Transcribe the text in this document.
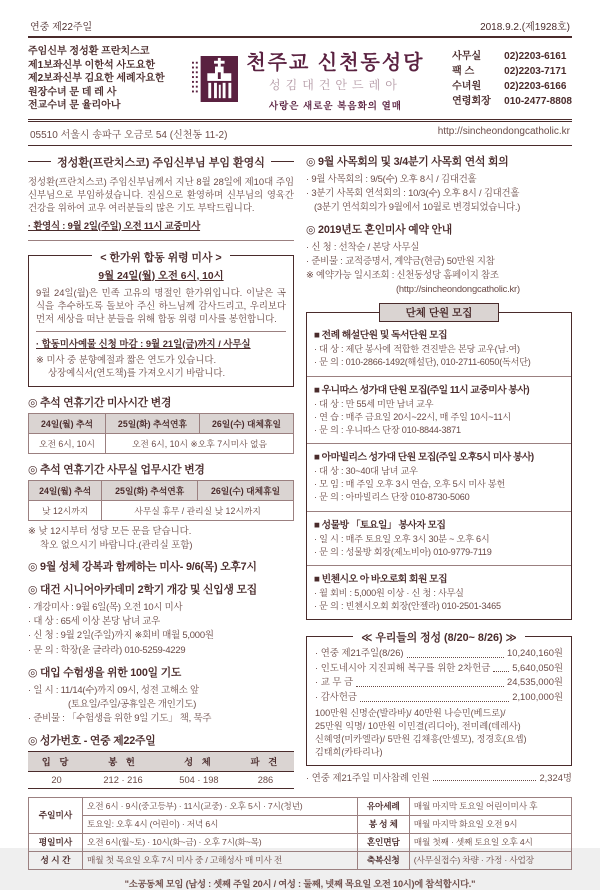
연중 제22주일	2018.9.2.(제1928호)
주임신부 정성환 프란치스코
제1보좌신부 이한석 사도요한
제2보좌신부 김요한 세례자요한
원장수녀 문 데 레 사
전교수녀 문 율리아나
천주교 신천동성당
성김대건안드레아
사랑은 새로운 복음화의 열매
사무실	02)2203-6161
팩 스	02)2203-7171
수녀원	02)2203-6166
연령회장	010-2477-8808
05510 서울시 송파구 오금로 54 (신천동 11-2)	http://sincheondongcatholic.kr
정성환(프란치스코) 주임신부님 부임 환영식
정성환(프란치스코) 주임신부님께서 지난 8월 28일에 제10대 주임신부님으로 부임하셨습니다. 진심으로 환영하며 신부님의 영육간 건강을 위하여 교우 여러분들의 많은 기도 부탁드립니다.
· 환영식 : 9월 2일(주일) 오전 11시 교중미사
< 한가위 합동 위령 미사 >
9월 24일(월) 오전 6시, 10시
9월 24일(월)은 민족 고유의 명절인 한가위입니다. 이날은 곡식을 추수하도록 돌보아 주신 하느님께 감사드리고, 우리보다 먼저 세상을 떠난 분들을 위해 합동 위령 미사를 봉헌합니다.
· 합동미사예물 신청 마감 : 9월 21일(금)까지 / 사무실
※ 미사 중 분향예절과 짧은 연도가 있습니다.
상장예식서(연도책)를 가져오시기 바랍니다.
◎ 추석 연휴기간 미사시간 변경
24일(월) 추석	25일(화) 추석연휴	26일(수) 대체휴일
오전 6시, 10시	오전 6시, 10시 ※오후 7시미사 없음	
◎ 추석 연휴기간 사무실 업무시간 변경
24일(월) 추석	25일(화) 추석연휴	26일(수) 대체휴일
낮 12시까지	사무실 휴무 / 관리실 낮 12시까지	
※ 낮 12시부터 성당 모든 문을 닫습니다.
착오 없으시기 바랍니다.(관리실 포함)
◎ 9월 성체 강복과 함께하는 미사- 9/6(목) 오후7시
◎ 대건 시니어아카데미 2학기 개강 및 신입생 모집
· 개강미사 : 9월 6일(목) 오전 10시 미사
· 대 상 : 65세 이상 본당 남녀 교우
· 신 청 : 9월 2일(주일)까지 ※회비 매월 5,000원
· 문 의 : 학장(윤 글라라) 010-5259-4229
◎ 대입 수험생을 위한 100일 기도
· 일 시 : 11/14(수)까지 09시, 성전 고해소 앞
(토요일/주일/공휴일은 개인기도)
· 준비물 : 「수험생을 위한 9일 기도」 책, 묵주
◎ 성가번호 - 연중 제22주일
입 당	봉 헌	성 체	파 견
20	212 · 216	504 · 198	286
◎ 9월 사목회의 및 3/4분기 사목회 연석 회의
· 9월 사목회의 : 9/5(수) 오후 8시 / 김대건홀
· 3분기 사목회 연석회의 : 10/3(수) 오후 8시 / 김대건홀
(3분기 연석회의가 9월에서 10월로 변경되었습니다.)
◎ 2019년도 혼인미사 예약 안내
· 신 청 : 선착순 / 본당 사무실
· 준비물 : 교적증명서, 계약금(현금) 50만원 지참
※ 예약가능 일시조회 : 신천동성당 홈페이지 참조
(http://sincheondongcatholic.kr)
단체 단원 모집
■ 전례 해설단원 및 독서단원 모집
· 대 상 : 제단 봉사에 적합한 견진받은 본당 교우(남.여)
· 문 의 : 010-2866-1492(해설단), 010-2711-6050(독서단)
■ 우니따스 성가대 단원 모집(주일 11시 교중미사 봉사)
· 대 상 : 만 55세 미만 남녀 교우
· 연 습 : 매주 금요일 20시~22시, 매 주일 10시~11시
· 문 의 : 우니따스 단장 010-8844-3871
■ 아마빌리스 성가대 단원 모집(주일 오후5시 미사 봉사)
· 대 상 : 30~40대 남녀 교우
· 모 임 : 매 주일 오후 3시 연습, 오후 5시 미사 봉헌
· 문 의 : 아마빌리스 단장 010-8730-5060
■ 성물방 「토요일」 봉사자 모집
· 일 시 : 매주 토요일 오후 3시 30분 ~ 오후 6시
· 문 의 : 성물방 회장(제노비아) 010-9779-7119
■ 빈첸시오 아 바오로회 회원 모집
· 월 회비 : 5,000원 이상 · 신 청 : 사무실
· 문 의 : 빈첸시오회 회장(안젤라) 010-2501-3465
≪ 우리들의 정성 (8/20~ 8/26) ≫
· 연중 제21주일(8/26)	10,240,160원
· 인도네시아 지진피해 복구를 위한 2차헌금 5,640,050원
· 교 무 금	24,535,000원
· 감사헌금	2,100,000원
100만원 신명순(발라바)/ 40만원 나승민(베드로)/
25만원 익명/ 10만원 이민결(리디아), 전미례(데레사)
신혜영(미카엘라)/ 5만원 김채흥(안셀모), 정경호(요셉)
김태희(카타리나)
· 연중 제21주일 미사참례 인원	2,324명
주일미사	오전 6시 · 9시(중고등부) · 11시(교중) · 오후 5시 · 7시(청년)	유아세례	매월 마지막 토요일 어린이미사 후
	토요일: 오후 4시 (어린이) · 저녁 6시	봉 성 체	매월 마지막 화요일 오전 9시
평일미사	오전 6시(월~토) · 10시(화~금) · 오후 7시(화~목)	혼인면담	매월 첫째 · 셋째 토요일 오후 4시
성 시 간	매월 첫 목요일 오후 7시 미사 중 / 고해성사 매 미사 전	축복신청	(사무실접수) 차량 · 가정 · 사업장
"소공동체 모임 (남성 : 셋째 주일 20시 / 여성 : 둘째, 넷째 목요일 오전 10시)에 참석합시다."
